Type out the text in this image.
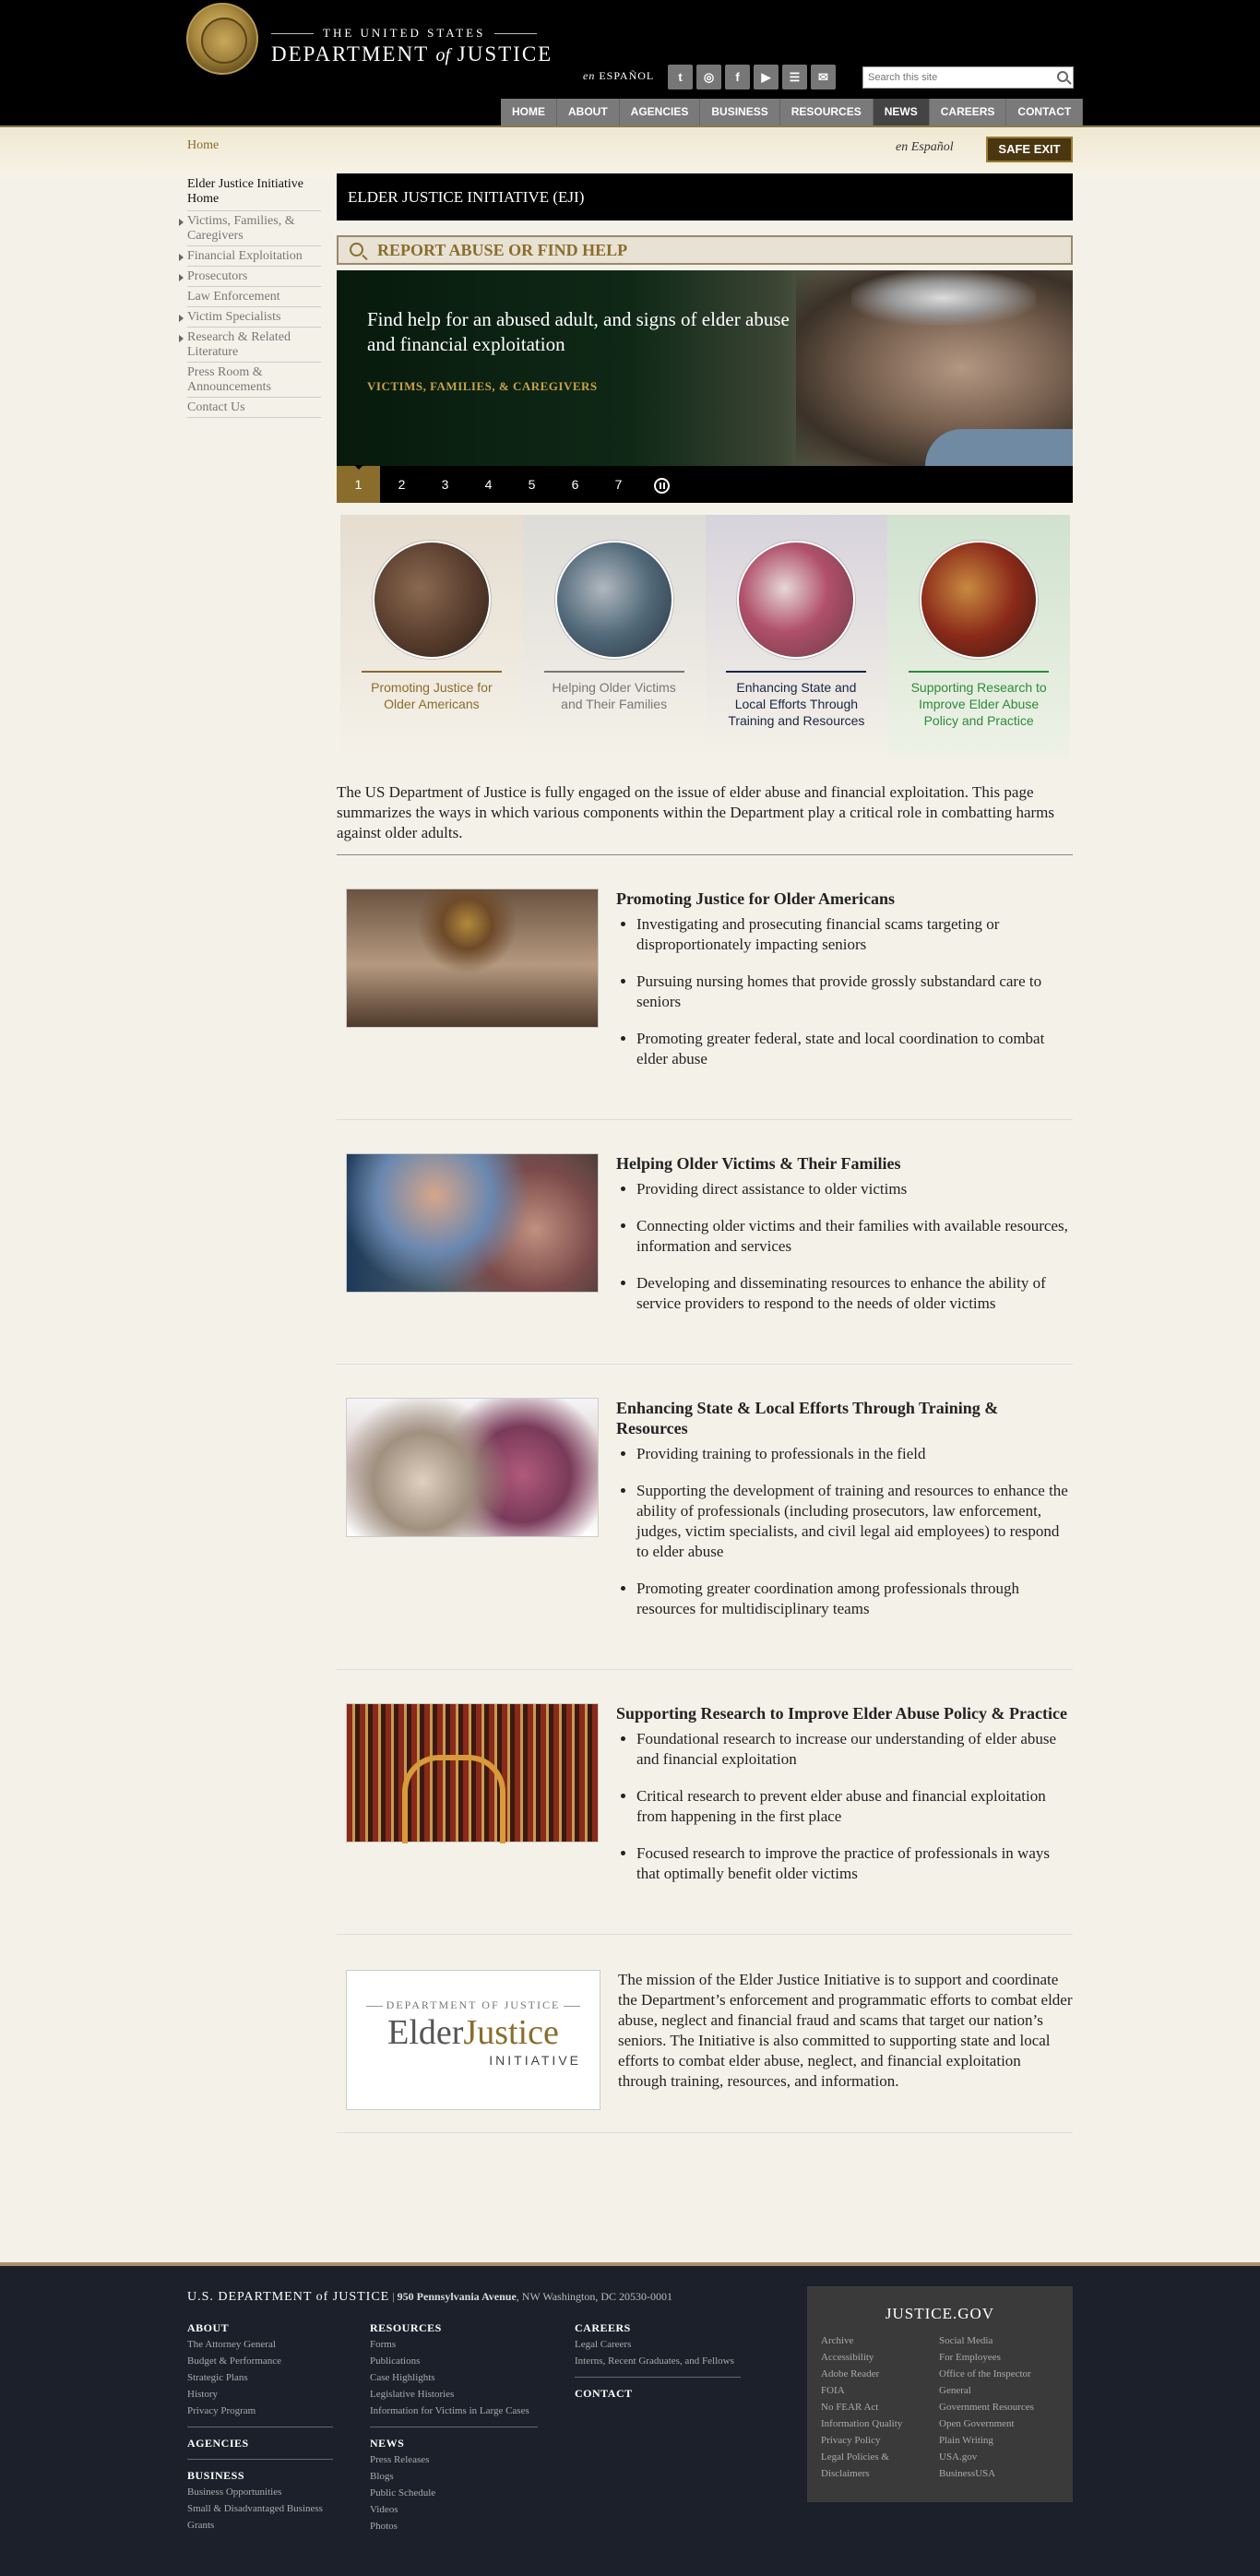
THE UNITED STATES
DEPARTMENT of JUSTICE
en ESPAÑOL	t	◎	f	▶	☰	✉
Search this site
HOME	ABOUT	AGENCIES	BUSINESS	RESOURCES	NEWS	CAREERS	CONTACT
Home	en Español	SAFE EXIT
Elder Justice Initiative Home
Victims, Families, & Caregivers
Financial Exploitation
Prosecutors
Law Enforcement
Victim Specialists
Research & Related Literature
Press Room & Announcements
Contact Us
ELDER JUSTICE INITIATIVE (EJI)
REPORT ABUSE OR FIND HELP
Find help for an abused adult, and signs of elder abuse and financial exploitation
VICTIMS, FAMILIES, & CAREGIVERS
1	2	3	4	5	6	7
Promoting Justice for Older Americans
Helping Older Victims and Their Families
Enhancing State and Local Efforts Through Training and Resources
Supporting Research to Improve Elder Abuse Policy and Practice

The US Department of Justice is fully engaged on the issue of elder abuse and financial exploitation. This page summarizes the ways in which various components within the Department play a critical role in combatting harms against older adults.

Promoting Justice for Older Americans
• Investigating and prosecuting financial scams targeting or disproportionately impacting seniors
• Pursuing nursing homes that provide grossly substandard care to seniors
• Promoting greater federal, state and local coordination to combat elder abuse
Helping Older Victims & Their Families
• Providing direct assistance to older victims
• Connecting older victims and their families with available resources, information and services
• Developing and disseminating resources to enhance the ability of service providers to respond to the needs of older victims
Enhancing State & Local Efforts Through Training & Resources
• Providing training to professionals in the field
• Supporting the development of training and resources to enhance the ability of professionals (including prosecutors, law enforcement, judges, victim specialists, and civil legal aid employees) to respond to elder abuse
• Promoting greater coordination among professionals through resources for multidisciplinary teams
Supporting Research to Improve Elder Abuse Policy & Practice
• Foundational research to increase our understanding of elder abuse and financial exploitation
• Critical research to prevent elder abuse and financial exploitation from happening in the first place
• Focused research to improve the practice of professionals in ways that optimally benefit older victims
DEPARTMENT OF JUSTICE
ElderJustice
INITIATIVE

The mission of the Elder Justice Initiative is to support and coordinate the Department’s enforcement and programmatic efforts to combat elder abuse, neglect and financial fraud and scams that target our nation’s seniors. The Initiative is also committed to supporting state and local efforts to combat elder abuse, neglect, and financial exploitation through training, resources, and information.

U.S. DEPARTMENT of JUSTICE | 950 Pennsylvania Avenue, NW Washington, DC 20530-0001
ABOUT
The Attorney General
Budget & Performance
Strategic Plans
History
Privacy Program
AGENCIES
BUSINESS
Business Opportunities
Small & Disadvantaged Business
Grants
RESOURCES
Forms
Publications
Case Highlights
Legislative Histories
Information for Victims in Large Cases
NEWS
Press Releases
Blogs
Public Schedule
Videos
Photos
CAREERS
Legal Careers
Interns, Recent Graduates, and Fellows
CONTACT
JUSTICE.GOV
Archive
Accessibility
Adobe Reader
FOIA
No FEAR Act
Information Quality
Privacy Policy
Legal Policies & Disclaimers
Social Media
For Employees
Office of the Inspector General
Government Resources
Open Government
Plain Writing
USA.gov
BusinessUSA
